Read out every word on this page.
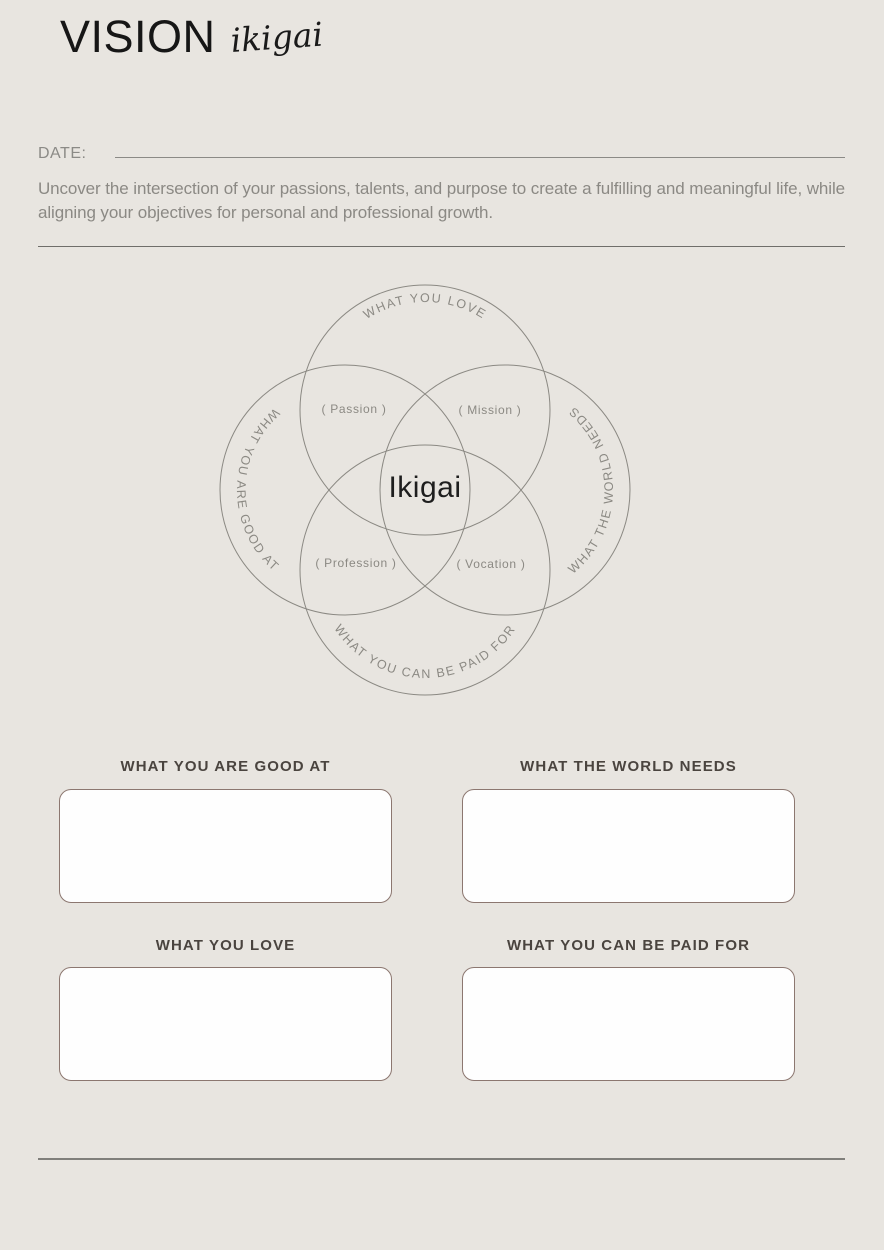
VISION ikigai
DATE:

Uncover the intersection of your passions, talents, and purpose to create a fulfilling and meaningful life, while aligning your objectives for personal and professional growth.

WHAT YOU LOVE
WHAT YOU ARE GOOD AT	WHAT THE WORLD NEEDS
WHAT YOU CAN BE PAID FOR
( Passion )	( Mission )
( Profession )	( Vocation )
Ikigai
WHAT YOU ARE GOOD AT	WHAT THE WORLD NEEDS
WHAT YOU LOVE	WHAT YOU CAN BE PAID FOR
